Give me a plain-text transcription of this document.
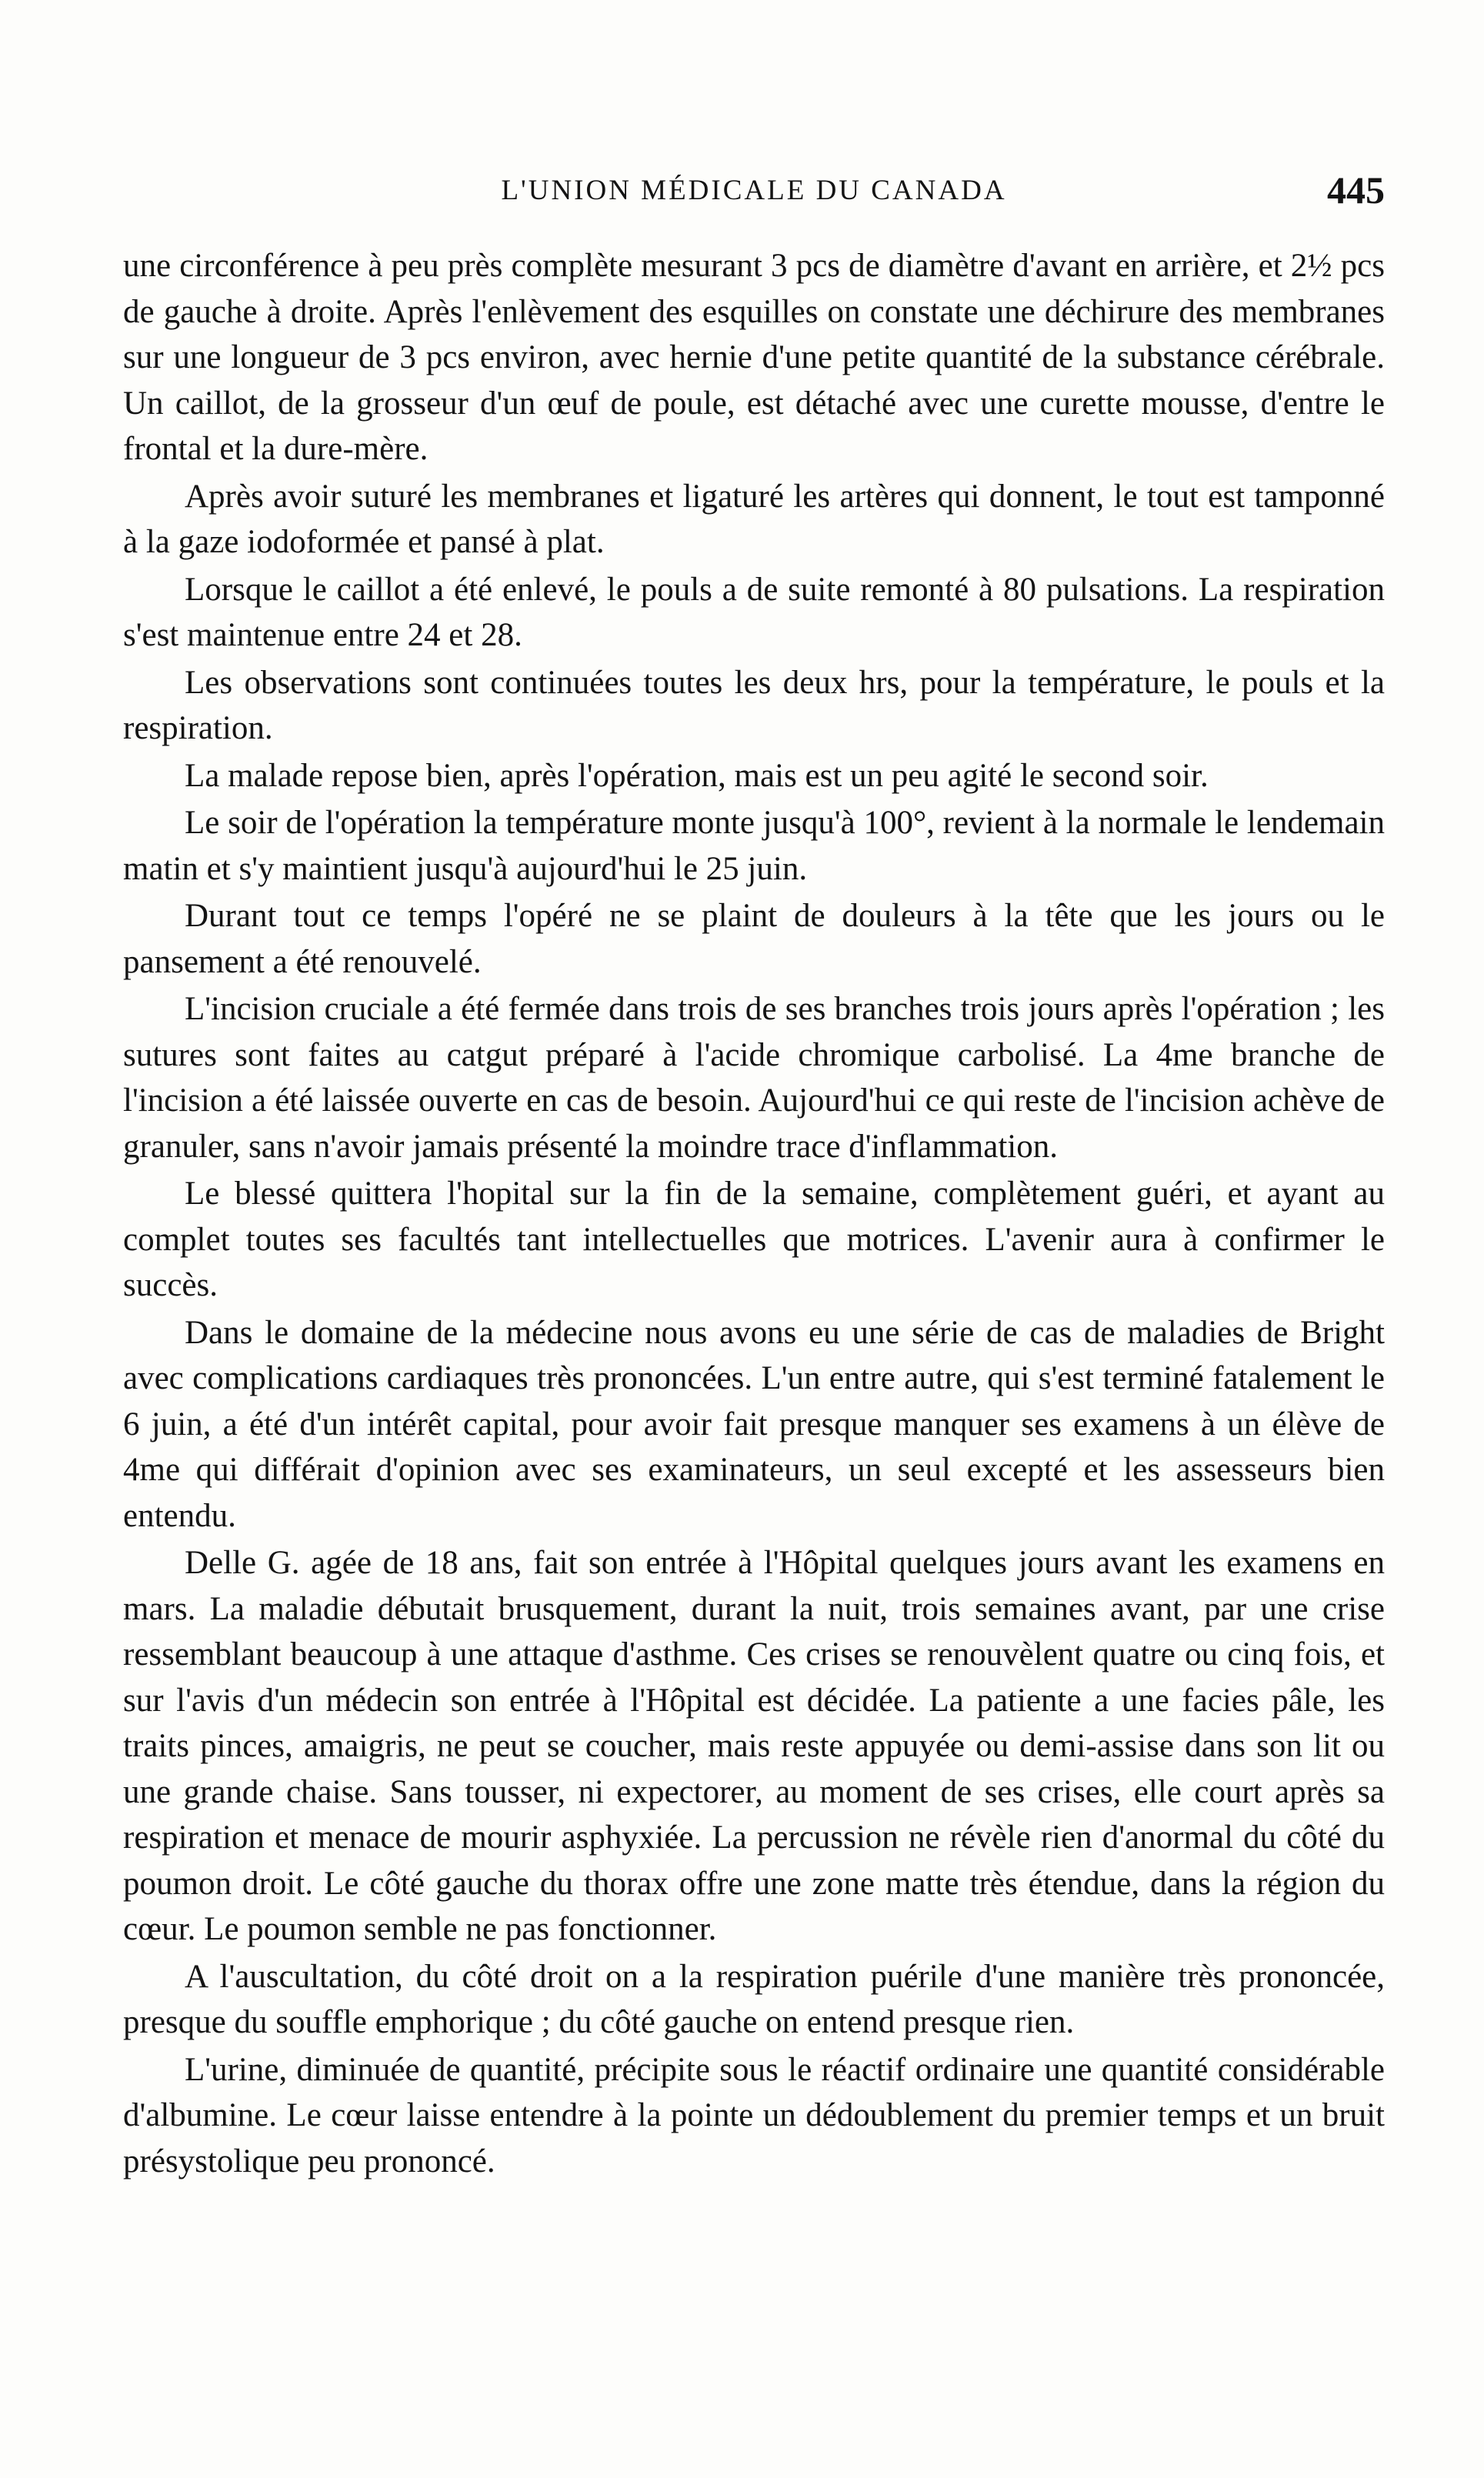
L'UNION MÉDICALE DU CANADA	445

une circonférence à peu près complète mesurant 3 pcs de diamètre d'avant en arrière, et 2½ pcs de gauche à droite. Après l'enlèvement des esquilles on constate une déchirure des membranes sur une longueur de 3 pcs environ, avec hernie d'une petite quantité de la substance cérébrale. Un caillot, de la grosseur d'un œuf de poule, est détaché avec une curette mousse, d'entre le frontal et la dure-mère.

Après avoir suturé les membranes et ligaturé les artères qui donnent, le tout est tamponné à la gaze iodoformée et pansé à plat.

Lorsque le caillot a été enlevé, le pouls a de suite remonté à 80 pulsations. La respiration s'est maintenue entre 24 et 28.

Les observations sont continuées toutes les deux hrs, pour la température, le pouls et la respiration.

La malade repose bien, après l'opération, mais est un peu agité le second soir.

Le soir de l'opération la température monte jusqu'à 100°, revient à la normale le lendemain matin et s'y maintient jusqu'à aujourd'hui le 25 juin.

Durant tout ce temps l'opéré ne se plaint de douleurs à la tête que les jours ou le pansement a été renouvelé.

L'incision cruciale a été fermée dans trois de ses branches trois jours après l'opération ; les sutures sont faites au catgut préparé à l'acide chromique carbolisé. La 4me branche de l'incision a été laissée ouverte en cas de besoin. Aujourd'hui ce qui reste de l'incision achève de granuler, sans n'avoir jamais présenté la moindre trace d'inflammation.

Le blessé quittera l'hopital sur la fin de la semaine, complètement guéri, et ayant au complet toutes ses facultés tant intellectuelles que motrices. L'avenir aura à confirmer le succès.

Dans le domaine de la médecine nous avons eu une série de cas de maladies de Bright avec complications cardiaques très prononcées. L'un entre autre, qui s'est terminé fatalement le 6 juin, a été d'un intérêt capital, pour avoir fait presque manquer ses examens à un élève de 4me qui différait d'opinion avec ses examinateurs, un seul excepté et les assesseurs bien entendu.

Delle G. agée de 18 ans, fait son entrée à l'Hôpital quelques jours avant les examens en mars. La maladie débutait brusquement, durant la nuit, trois semaines avant, par une crise ressemblant beaucoup à une attaque d'asthme. Ces crises se renouvèlent quatre ou cinq fois, et sur l'avis d'un médecin son entrée à l'Hôpital est décidée. La patiente a une facies pâle, les traits pinces, amaigris, ne peut se coucher, mais reste appuyée ou demi-assise dans son lit ou une grande chaise. Sans tousser, ni expectorer, au moment de ses crises, elle court après sa respiration et menace de mourir asphyxiée. La percussion ne révèle rien d'anormal du côté du poumon droit. Le côté gauche du thorax offre une zone matte très étendue, dans la région du cœur. Le poumon semble ne pas fonctionner.

A l'auscultation, du côté droit on a la respiration puérile d'une manière très prononcée, presque du souffle emphorique ; du côté gauche on entend presque rien.

L'urine, diminuée de quantité, précipite sous le réactif ordinaire une quantité considérable d'albumine. Le cœur laisse entendre à la pointe un dédoublement du premier temps et un bruit présystolique peu prononcé.
